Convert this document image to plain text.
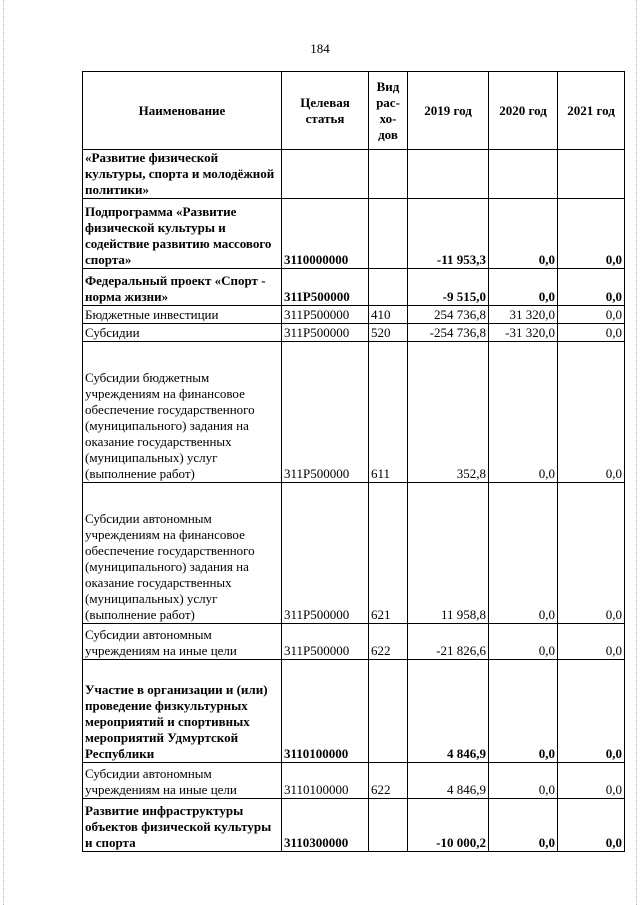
184
Наименование	Целевая статья	Вид рас-хо-дов	2019 год	2020 год	2021 год
«Развитие физической культуры, спорта и молодёжной политики»					
Подпрограмма «Развитие физической культуры и содействие развитию массового спорта»	3110000000		-11 953,3	0,0	0,0
Федеральный проект «Спорт - норма жизни»	311P500000		-9 515,0	0,0	0,0
Бюджетные инвестиции	311P500000	410	254 736,8	31 320,0	0,0
Субсидии	311P500000	520	-254 736,8	-31 320,0	0,0
Субсидии бюджетным учреждениям на финансовое обеспечение государственного (муниципального) задания на оказание государственных (муниципальных) услуг (выполнение работ)	311P500000	611	352,8	0,0	0,0
Субсидии автономным учреждениям на финансовое обеспечение государственного (муниципального) задания на оказание государственных (муниципальных) услуг (выполнение работ)	311P500000	621	11 958,8	0,0	0,0
Субсидии автономным учреждениям на иные цели	311P500000	622	-21 826,6	0,0	0,0
Участие в организации и (или) проведение физкультурных мероприятий и спортивных мероприятий Удмуртской Республики	3110100000		4 846,9	0,0	0,0
Субсидии автономным учреждениям на иные цели	3110100000	622	4 846,9	0,0	0,0
Развитие инфраструктуры объектов физической культуры и спорта	3110300000		-10 000,2	0,0	0,0
